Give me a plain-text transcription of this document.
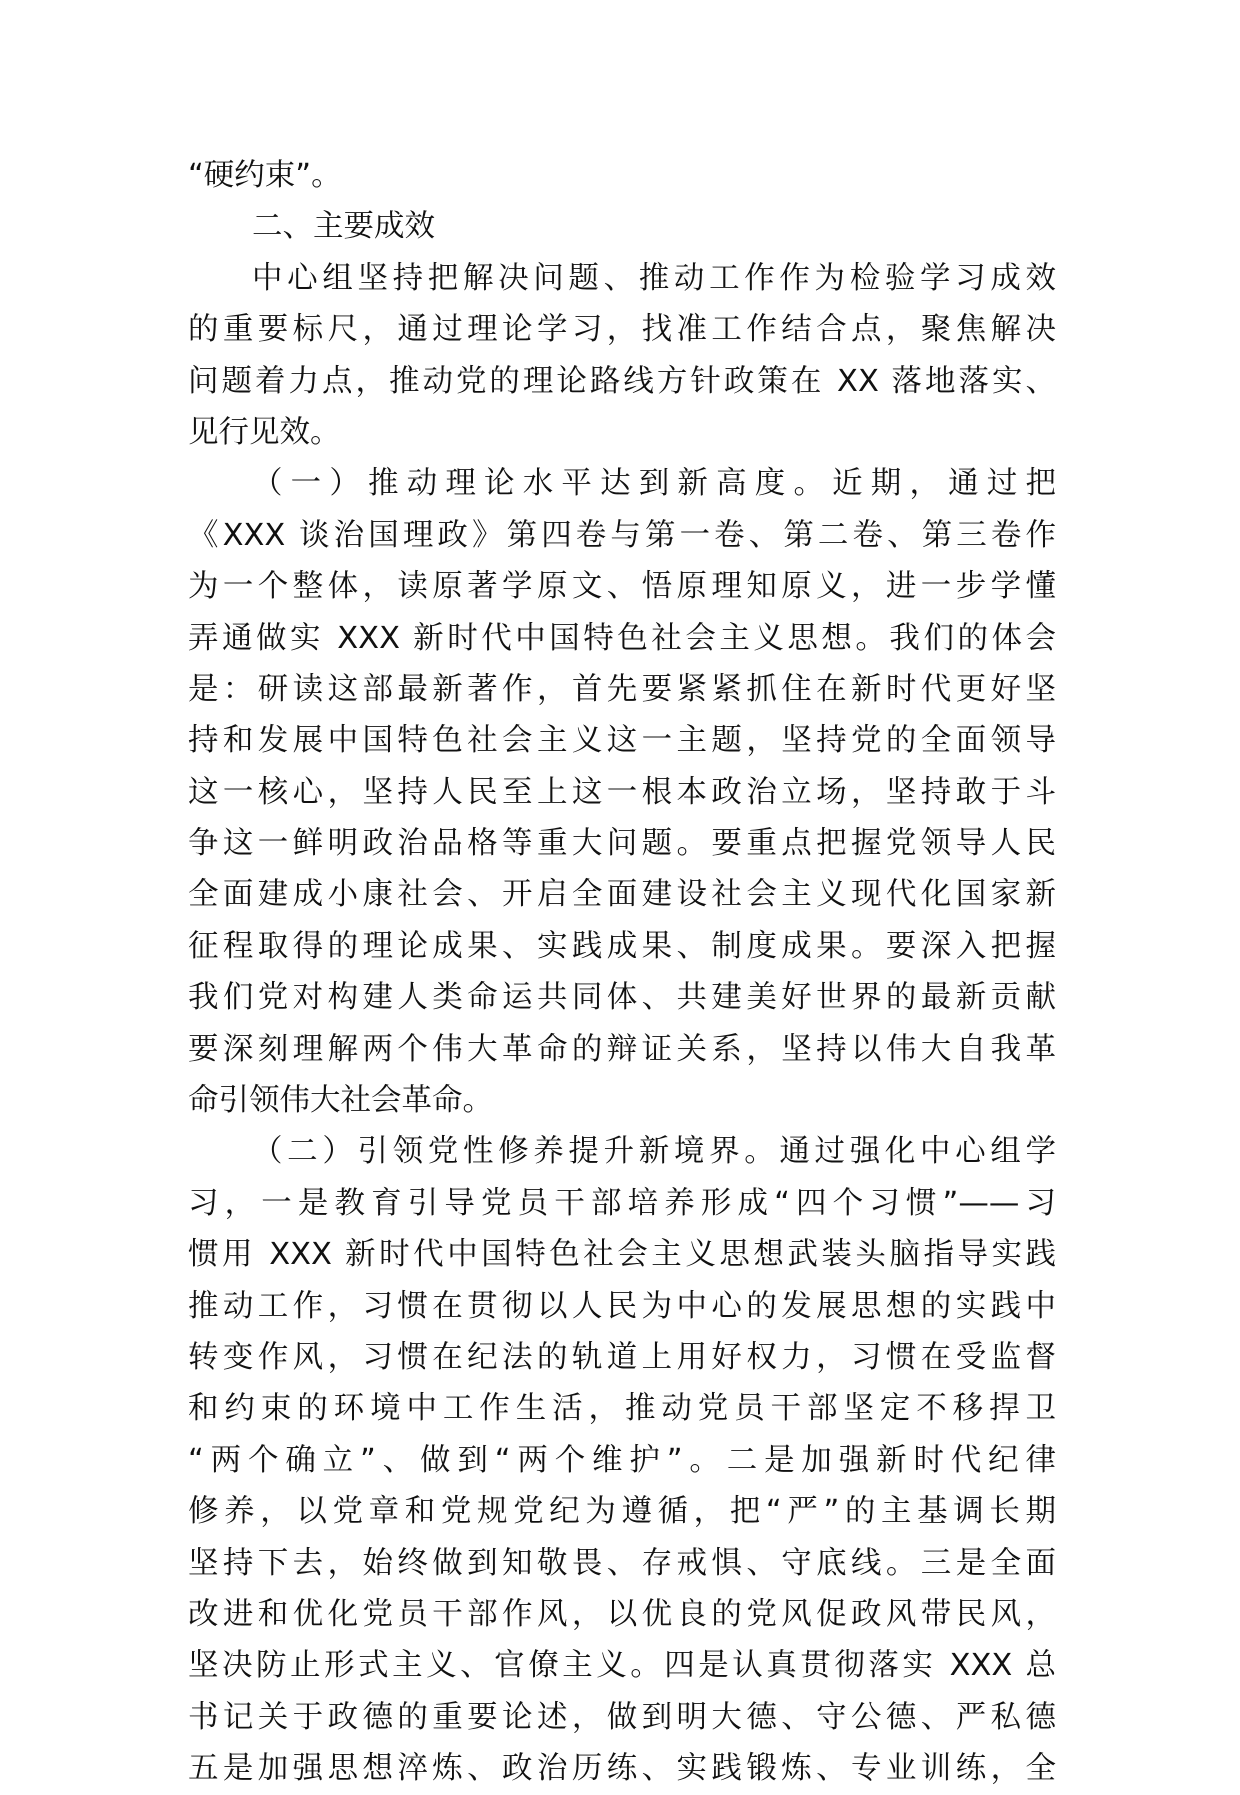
“硬约束”。
二、主要成效
中心组坚持把解决问题、推动工作作为检验学习成效
的重要标尺，通过理论学习，找准工作结合点，聚焦解决
问题着力点，推动党的理论路线方针政策在 XX 落地落实、
见行见效。
（一）推动理论水平达到新高度。近期，通过把
《XXX 谈治国理政》第四卷与第一卷、第二卷、第三卷作
为一个整体，读原著学原文、悟原理知原义，进一步学懂
弄通做实 XXX 新时代中国特色社会主义思想。我们的体会
是：研读这部最新著作，首先要紧紧抓住在新时代更好坚
持和发展中国特色社会主义这一主题，坚持党的全面领导
这一核心，坚持人民至上这一根本政治立场，坚持敢于斗
争这一鲜明政治品格等重大问题。要重点把握党领导人民
全面建成小康社会、开启全面建设社会主义现代化国家新
征程取得的理论成果、实践成果、制度成果。要深入把握
我们党对构建人类命运共同体、共建美好世界的最新贡献
要深刻理解两个伟大革命的辩证关系，坚持以伟大自我革
命引领伟大社会革命。
（二）引领党性修养提升新境界。通过强化中心组学
习，一是教育引导党员干部培养形成“四个习惯”——习
惯用 XXX 新时代中国特色社会主义思想武装头脑指导实践
推动工作，习惯在贯彻以人民为中心的发展思想的实践中
转变作风，习惯在纪法的轨道上用好权力，习惯在受监督
和约束的环境中工作生活，推动党员干部坚定不移捍卫
“两个确立”、做到“两个维护”。二是加强新时代纪律
修养，以党章和党规党纪为遵循，把“严”的主基调长期
坚持下去，始终做到知敬畏、存戒惧、守底线。三是全面
改进和优化党员干部作风，以优良的党风促政风带民风，
坚决防止形式主义、官僚主义。四是认真贯彻落实 XXX 总
书记关于政德的重要论述，做到明大德、守公德、严私德
五是加强思想淬炼、政治历练、实践锻炼、专业训练，全
